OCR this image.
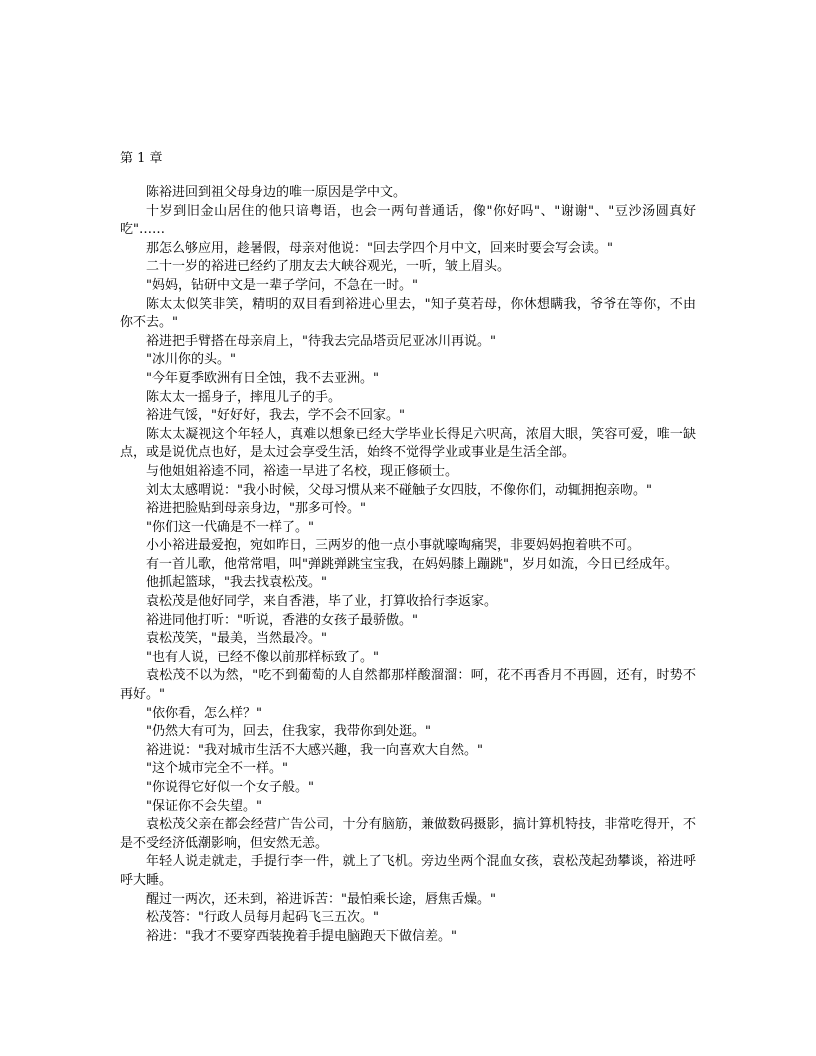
第 1 章

陈裕进回到祖父母身边的唯一原因是学中文。

十岁到旧金山居住的他只谙粤语，也会一两句普通话，像"你好吗"、"谢谢"、"豆沙汤圆真好吃"……

那怎么够应用，趁暑假，母亲对他说："回去学四个月中文，回来时要会写会读。"

二十一岁的裕进已经约了朋友去大峡谷观光，一听，皱上眉头。

"妈妈，钻研中文是一辈子学问，不急在一时。"

陈太太似笑非笑，精明的双目看到裕进心里去，"知子莫若母，你休想瞒我，爷爷在等你，不由你不去。"

裕进把手臂搭在母亲肩上，"待我去完品塔贡尼亚冰川再说。"

"冰川你的头。"

"今年夏季欧洲有日全蚀，我不去亚洲。"

陈太太一摇身子，摔甩儿子的手。

裕进气馁，"好好好，我去，学不会不回家。"

陈太太凝视这个年轻人，真难以想象已经大学毕业长得足六呎高，浓眉大眼，笑容可爱，唯一缺点，或是说优点也好，是太过会享受生活，始终不觉得学业或事业是生活全部。

与他姐姐裕逵不同，裕逵一早进了名校，现正修硕士。

刘太太感喟说："我小时候，父母习惯从来不碰触子女四肢，不像你们，动辄拥抱亲吻。"

裕进把脸贴到母亲身边，"那多可怜。"

"你们这一代确是不一样了。"

小小裕进最爱抱，宛如昨日，三两岁的他一点小事就嚎啕痛哭，非要妈妈抱着哄不可。

有一首儿歌，他常常唱，叫"弹跳弹跳宝宝我，在妈妈膝上蹦跳"，岁月如流，今日已经成年。

他抓起篮球，"我去找袁松茂。"

袁松茂是他好同学，来自香港，毕了业，打算收拾行李返家。

裕进同他打听："听说，香港的女孩子最骄傲。"

袁松茂笑，"最美，当然最冷。"

"也有人说，已经不像以前那样标致了。"

袁松茂不以为然，"吃不到葡萄的人自然都那样酸溜溜：呵，花不再香月不再圆，还有，时势不再好。"

"依你看，怎么样？"

"仍然大有可为，回去，住我家，我带你到处逛。"

裕进说："我对城市生活不大感兴趣，我一向喜欢大自然。"

"这个城市完全不一样。"

"你说得它好似一个女子般。"

"保证你不会失望。"

袁松茂父亲在都会经营广告公司，十分有脑筋，兼做数码摄影，搞计算机特技，非常吃得开，不是不受经济低潮影响，但安然无恙。

年轻人说走就走，手提行李一件，就上了飞机。旁边坐两个混血女孩，袁松茂起劲攀谈，裕进呼呼大睡。

醒过一两次，还未到，裕进诉苦："最怕乘长途，唇焦舌燥。"

松茂答："行政人员每月起码飞三五次。"

裕进："我才不要穿西装挽着手提电脑跑天下做信差。"
